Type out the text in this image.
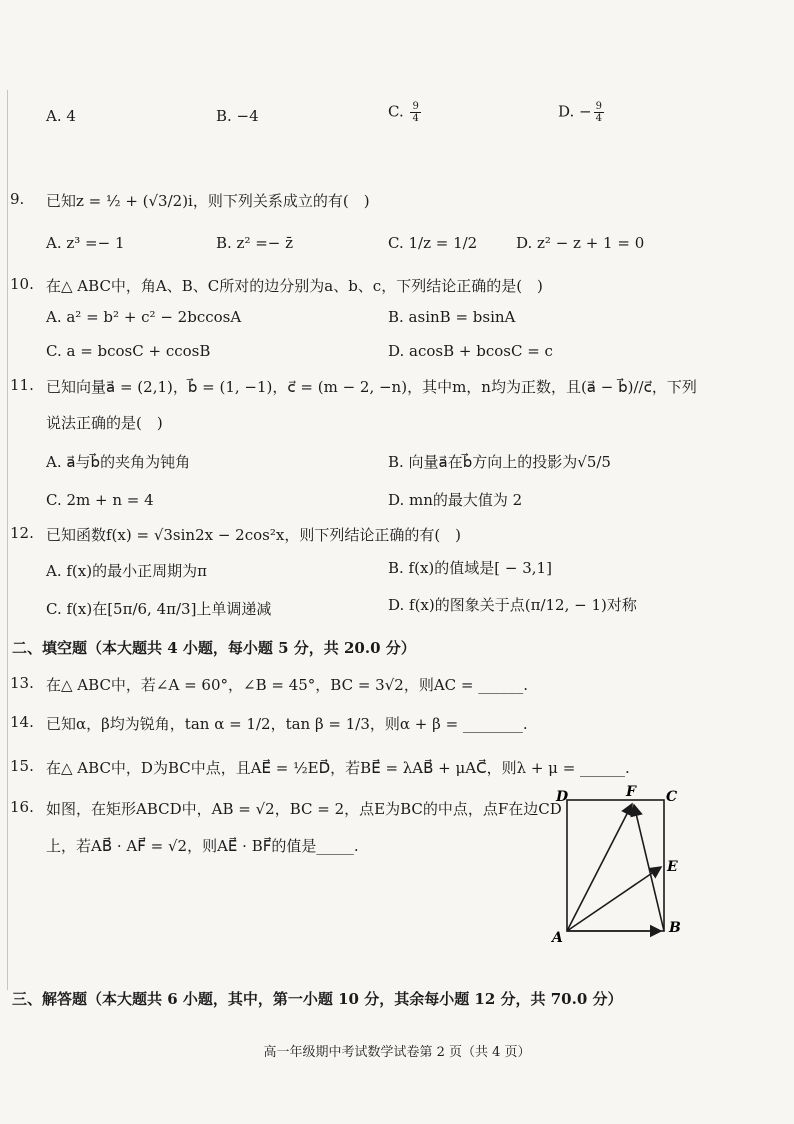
A. 4	B. −4	C. $\frac{9}{4}$	D. − $\frac{9}{4}$
9. 已知z = ½ + (√3/2)i，则下列关系成立的有(　)
A. z³ =− 1	B. z² =− z̄	C. 1/z = 1/2	D. z² − z + 1 = 0
10. 在△ ABC中，角A、B、C所对的边分别为a、b、c，下列结论正确的是(　)
A. a² = b² + c² − 2bccosA	B. asinB = bsinA
C. a = bcosC + ccosB	D. acosB + bcosC = c
11. 已知向量a⃗ = (2,1)，b⃗ = (1, −1)，c⃗ = (m − 2, −n)，其中m，n均为正数，且(a⃗ − b⃗)//c⃗，下列
说法正确的是(　)
A. a⃗与b⃗的夹角为钝角	B. 向量a⃗在b⃗方向上的投影为√5/5
C. 2m + n = 4	D. mn的最大值为 2
12. 已知函数f(x) = √3sin2x − 2cos²x，则下列结论正确的有(　)
A. f(x)的最小正周期为π	B. f(x)的值域是[ − 3,1]
C. f(x)在[5π/6, 4π/3]上单调递减	D. f(x)的图象关于点(π/12, − 1)对称
二、填空题（本大题共 4 小题，每小题 5 分，共 20.0 分）
13. 在△ ABC中，若∠A = 60°，∠B = 45°，BC = 3√2，则AC = ______.
14. 已知α，β均为锐角，tan α = 1/2，tan β = 1/3，则α + β = ________.
15. 在△ ABC中，D为BC中点，且AE⃗ = ½ED⃗，若BE⃗ = λAB⃗ + μAC⃗，则λ + μ = ______.
16. 如图，在矩形ABCD中，AB = √2，BC = 2，点E为BC的中点，点F在边CD
上，若AB⃗ · AF⃗ = √2，则AE⃗ · BF⃗的值是_____.
D	F C
E
B
A
三、解答题（本大题共 6 小题，其中，第一小题 10 分，其余每小题 12 分，共 70.0 分）
高一年级期中考试数学试卷第 2 页（共 4 页）
